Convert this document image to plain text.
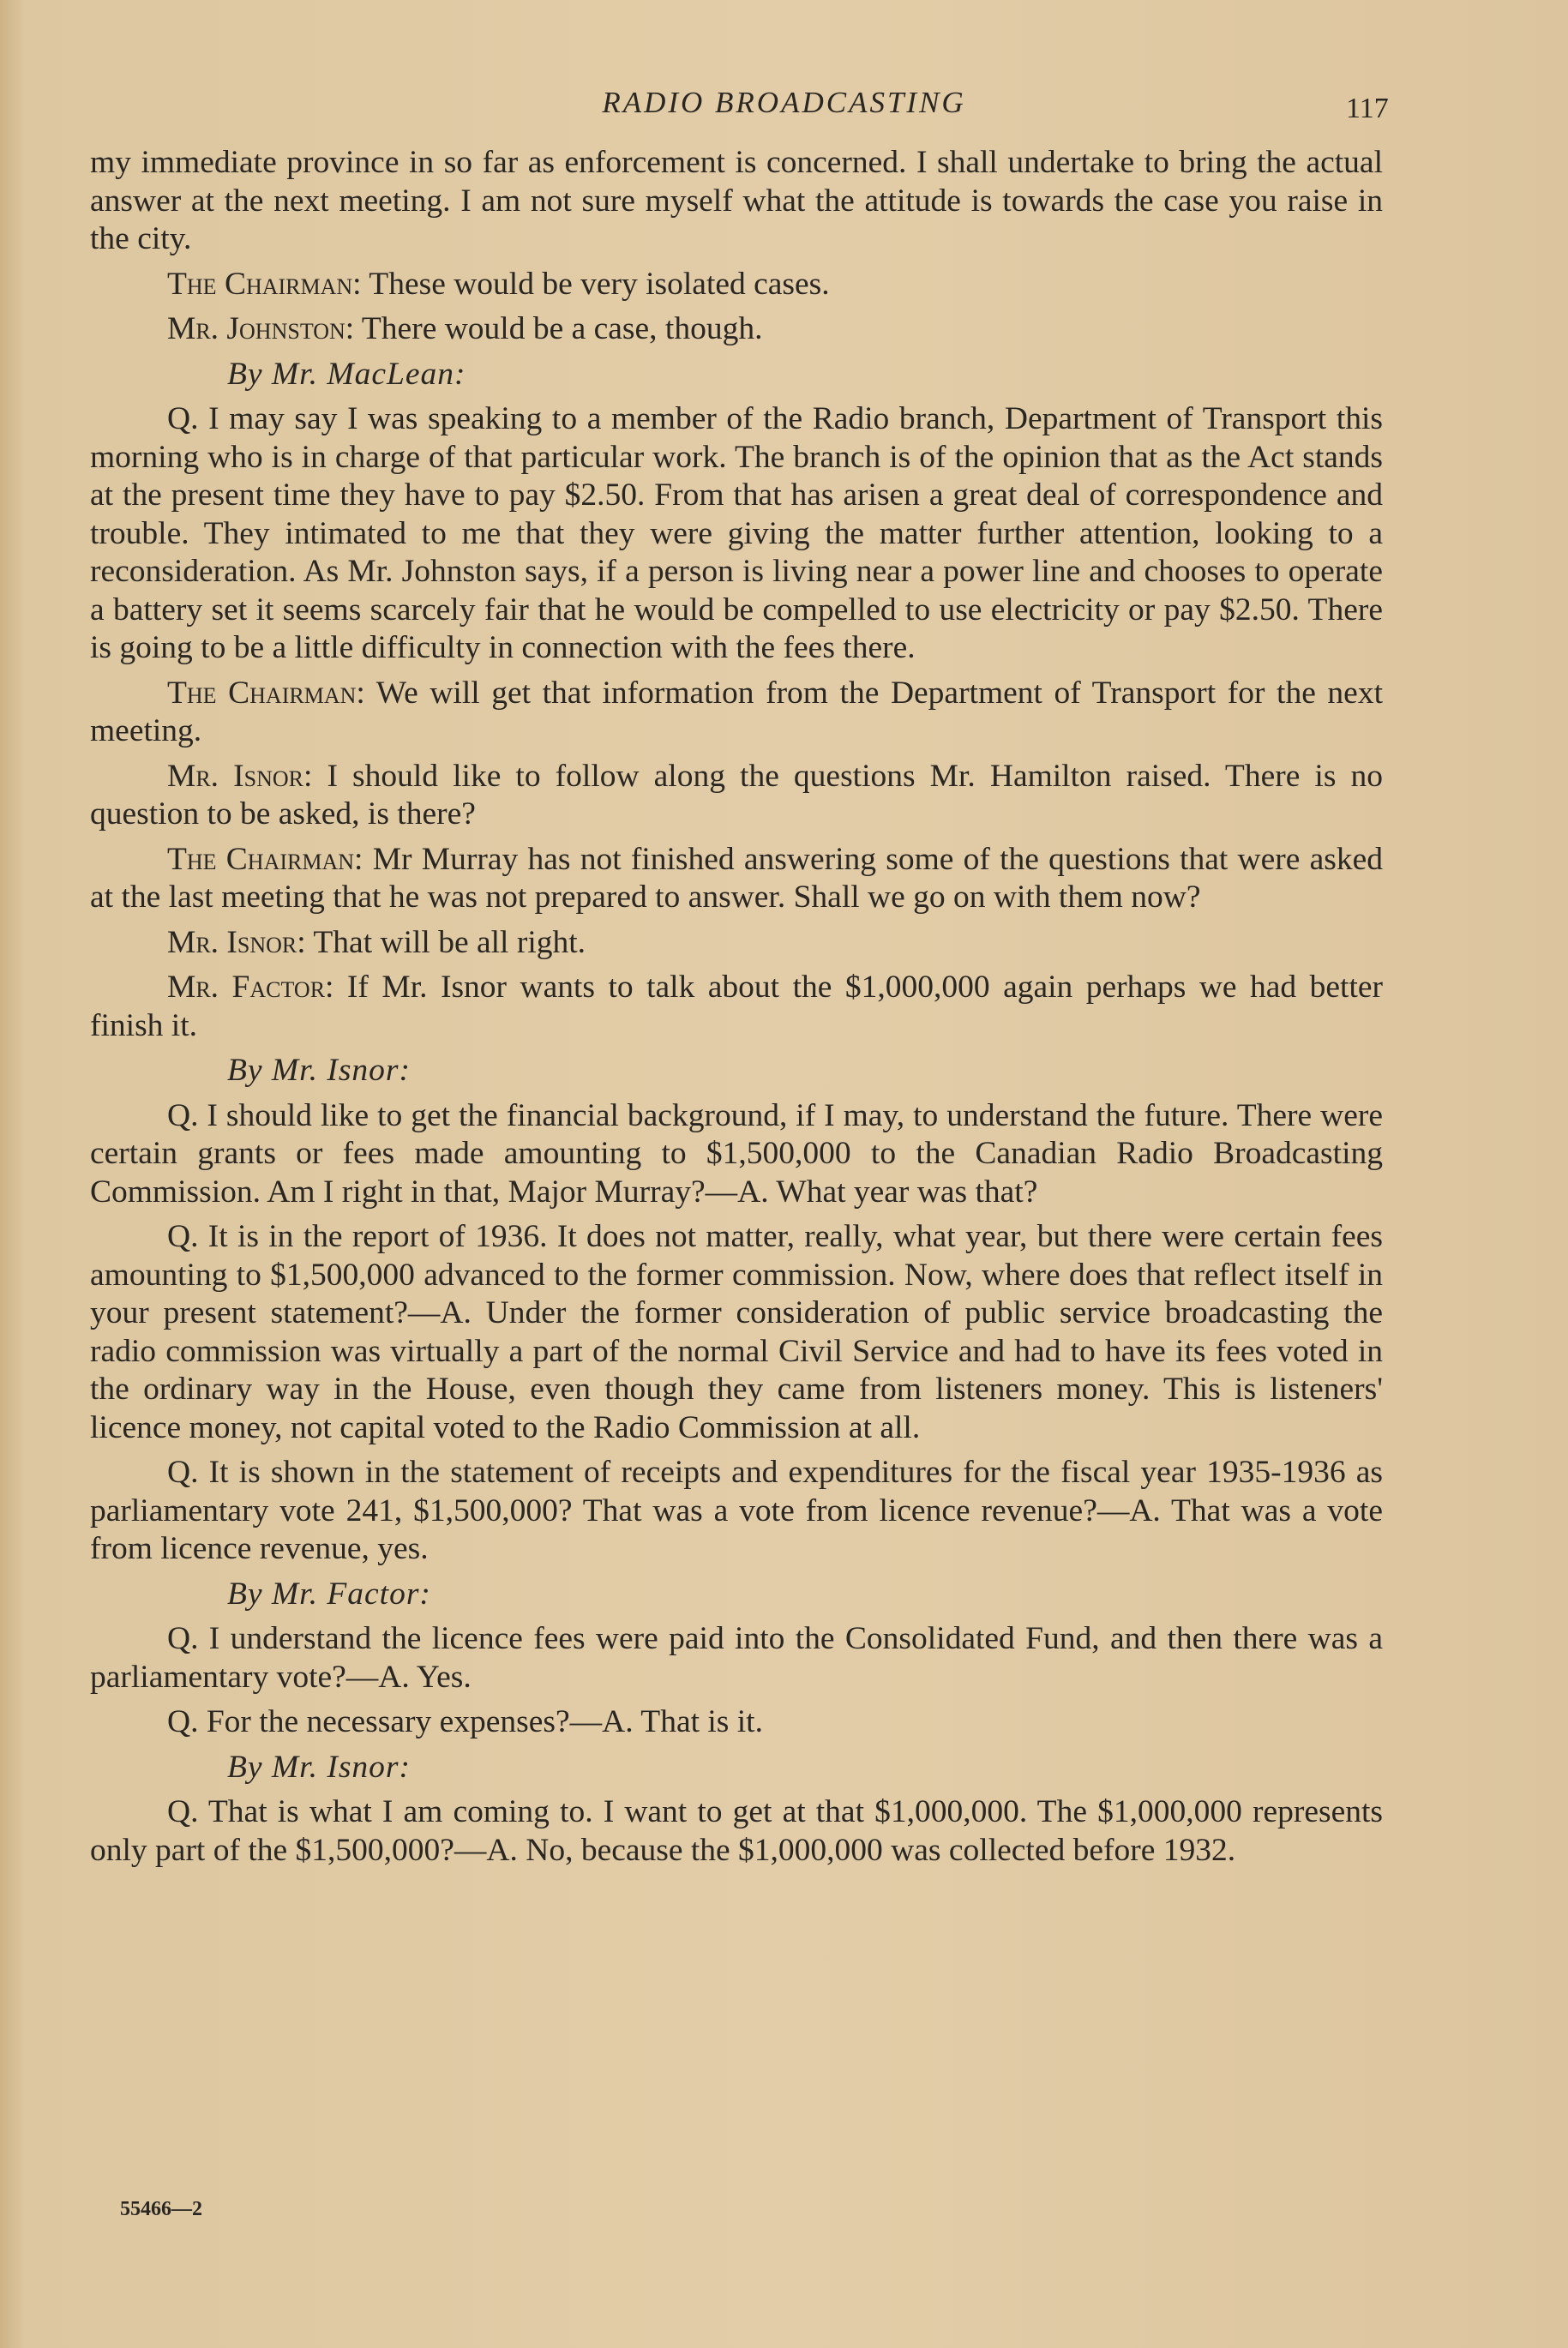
RADIO BROADCASTING	117

my immediate province in so far as enforcement is concerned. I shall undertake to bring the actual answer at the next meeting. I am not sure myself what the attitude is towards the case you raise in the city.

The Chairman: These would be very isolated cases.

Mr. Johnston: There would be a case, though.

By Mr. MacLean:

Q. I may say I was speaking to a member of the Radio branch, Department of Transport this morning who is in charge of that particular work. The branch is of the opinion that as the Act stands at the present time they have to pay $2.50. From that has arisen a great deal of correspondence and trouble. They intimated to me that they were giving the matter further attention, looking to a reconsideration. As Mr. Johnston says, if a person is living near a power line and chooses to operate a battery set it seems scarcely fair that he would be compelled to use electricity or pay $2.50. There is going to be a little difficulty in connection with the fees there.

The Chairman: We will get that information from the Department of Transport for the next meeting.

Mr. Isnor: I should like to follow along the questions Mr. Hamilton raised. There is no question to be asked, is there?

The Chairman: Mr Murray has not finished answering some of the questions that were asked at the last meeting that he was not prepared to answer. Shall we go on with them now?

Mr. Isnor: That will be all right.

Mr. Factor: If Mr. Isnor wants to talk about the $1,000,000 again perhaps we had better finish it.

By Mr. Isnor:

Q. I should like to get the financial background, if I may, to understand the future. There were certain grants or fees made amounting to $1,500,000 to the Canadian Radio Broadcasting Commission. Am I right in that, Major Murray?—A. What year was that?

Q. It is in the report of 1936. It does not matter, really, what year, but there were certain fees amounting to $1,500,000 advanced to the former commission. Now, where does that reflect itself in your present statement?—A. Under the former consideration of public service broadcasting the radio commission was virtually a part of the normal Civil Service and had to have its fees voted in the ordinary way in the House, even though they came from listeners money. This is listeners' licence money, not capital voted to the Radio Commission at all.

Q. It is shown in the statement of receipts and expenditures for the fiscal year 1935-1936 as parliamentary vote 241, $1,500,000? That was a vote from licence revenue?—A. That was a vote from licence revenue, yes.

By Mr. Factor:

Q. I understand the licence fees were paid into the Consolidated Fund, and then there was a parliamentary vote?—A. Yes.

Q. For the necessary expenses?—A. That is it.

By Mr. Isnor:

Q. That is what I am coming to. I want to get at that $1,000,000. The $1,000,000 represents only part of the $1,500,000?—A. No, because the $1,000,000 was collected before 1932.

55466—2
